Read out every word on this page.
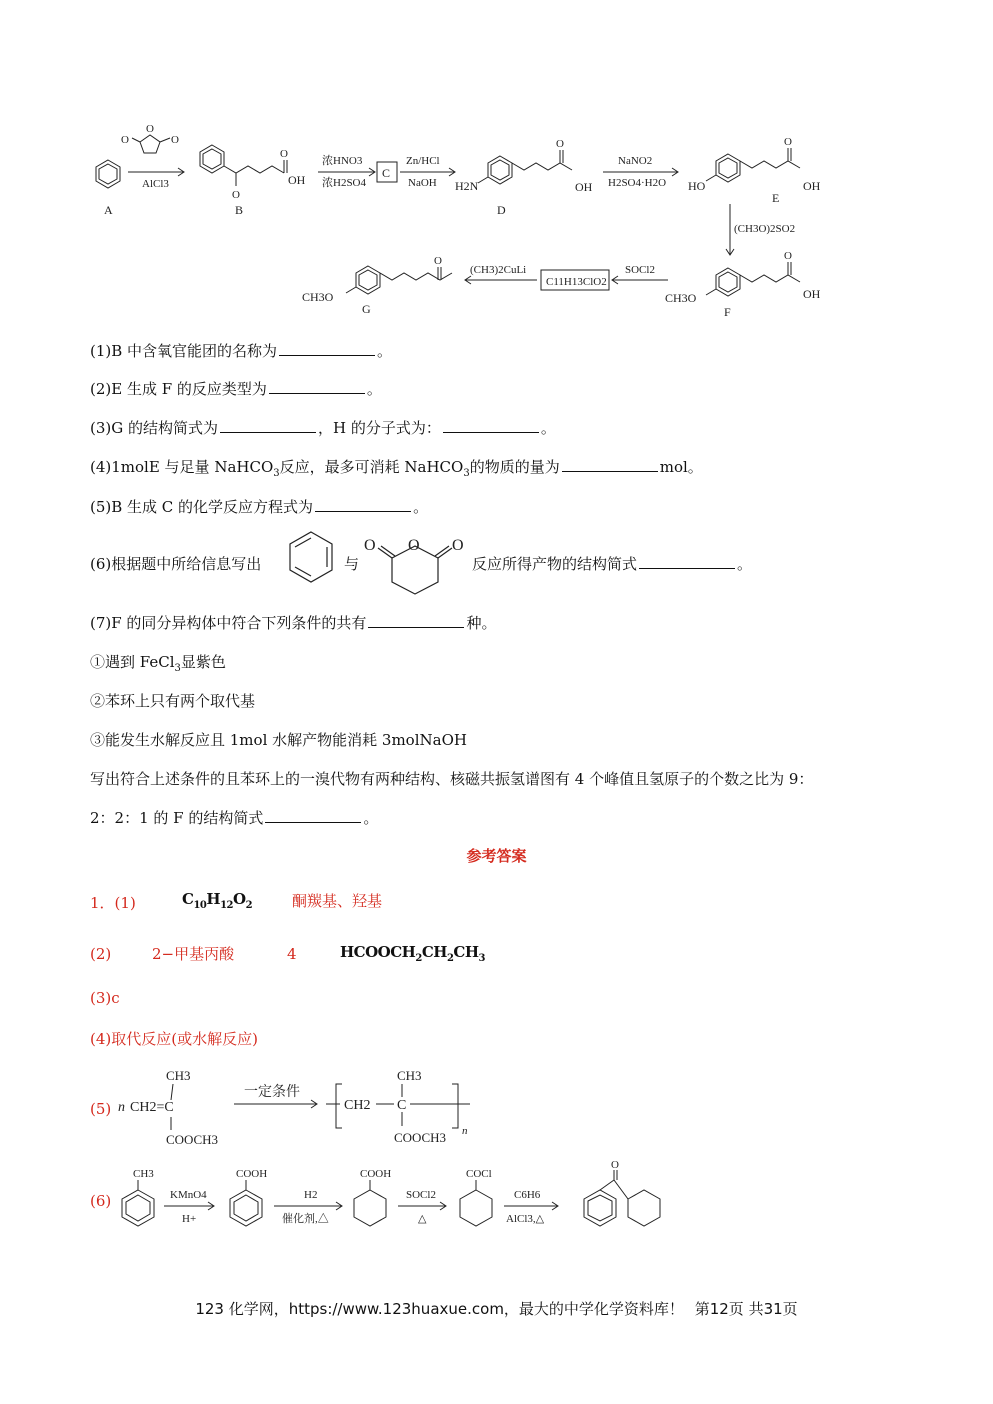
O
O
O
AlCl3
A
O
O
OH
B
浓HNO3
浓H2SO4
C
Zn/HCl
NaOH H2N
O
OH
D
NaNO2
H2SO4·H2O HO
O
OH
E
(CH3O)2SO2
CH3O
O
OH
F
SOCl2
C11H13ClO2
(CH3)2CuLi
CH3O
O
G
(1)B 中含氧官能团的名称为	。
(2)E 生成 F 的反应类型为	。
(3)G 的结构简式为	，H 的分子式为：	。
(4)1molE 与足量 NaHCO$_3$反应，最多可消耗 NaHCO$_3$的物质的量为	mol。
(5)B 生成 C 的化学反应方程式为	。
(6)根据题中所给信息写出	与
O O O
反应所得产物的结构简式	。
(7)F 的同分异构体中符合下列条件的共有	种。
①遇到 FeCl$_3$显紫色
②苯环上只有两个取代基
③能发生水解反应且 1mol 水解产物能消耗 3molNaOH
写出符合上述条件的且苯环上的一溴代物有两种结构、核磁共振氢谱图有 4 个峰值且氢原子的个数之比为 9：
2：2：1 的 F 的结构简式	。
参考答案
1．(1)	$C_{10}H_{12}O_2$	酮羰基、羟基
(2)	2−甲基丙酸	4	$HCOOCH_2CH_2CH_3$
(3)c
(4)取代反应(或水解反应)
(5) n CH2=C
CH3
COOCH3
一定条件
CH2 C
CH3
COOCH3 n
(6)
CH3
KMnO4
H+
COOH
H2
催化剂,△
COOH
SOCl2
△
COCl
C6H6
AlCl3,△
O
123 化学网，https://www.123huaxue.com，最大的中学化学资料库！ 第12页 共31页
